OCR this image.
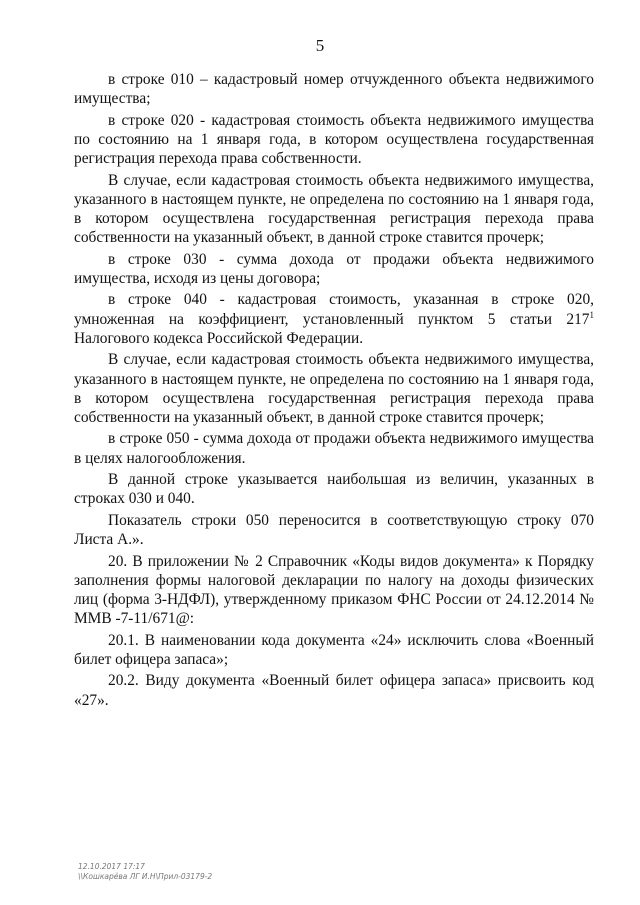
5

в строке 010 – кадастровый номер отчужденного объекта недвижимого имущества;

в строке 020 - кадастровая стоимость объекта недвижимого имущества по состоянию на 1 января года, в котором осуществлена государственная регистрация перехода права собственности.

В случае, если кадастровая стоимость объекта недвижимого имущества, указанного в настоящем пункте, не определена по состоянию на 1 января года, в котором осуществлена государственная регистрация перехода права собственности на указанный объект, в данной строке ставится прочерк;

в строке 030 - сумма дохода от продажи объекта недвижимого имущества, исходя из цены договора;

в строке 040 - кадастровая стоимость, указанная в строке 020, умноженная на коэффициент, установленный пунктом 5 статьи $217^1$ Налогового кодекса Российской Федерации.

В случае, если кадастровая стоимость объекта недвижимого имущества, указанного в настоящем пункте, не определена по состоянию на 1 января года, в котором осуществлена государственная регистрация перехода права собственности на указанный объект, в данной строке ставится прочерк;

в строке 050 - сумма дохода от продажи объекта недвижимого имущества в целях налогообложения.

В данной строке указывается наибольшая из величин, указанных в строках 030 и 040.

Показатель строки 050 переносится в соответствующую строку 070 Листа А.».

20. В приложении № 2 Справочник «Коды видов документа» к Порядку заполнения формы налоговой декларации по налогу на доходы физических лиц (форма 3-НДФЛ), утвержденному приказом ФНС России от 24.12.2014 № ММВ -7-11/671@:

20.1. В наименовании кода документа «24» исключить слова «Военный билет офицера запаса»;

20.2. Виду документа «Военный билет офицера запаса» присвоить код «27».

12.10.2017 17:17
\\Кошкарёва ЛГ И.Н\Прил-03179-2
